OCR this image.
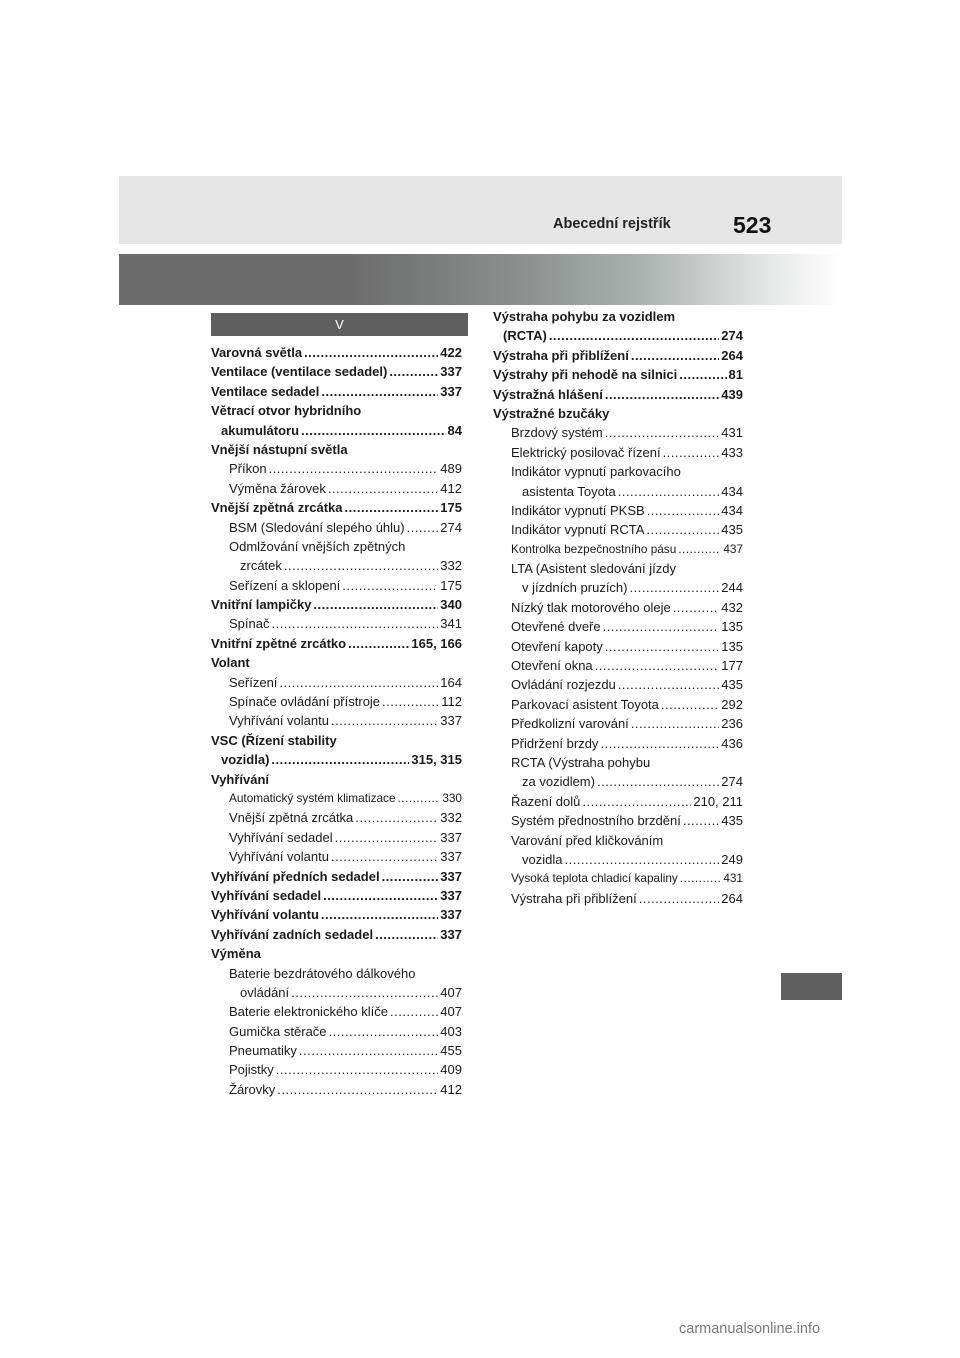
Abecední rejstřík	523
V
Varovná světla .....	422
Ventilace (ventilace sedadel) .....	337
Ventilace sedadel .....	337
Větrací otvor hybridního
akumulátoru .....	84
Vnější nástupní světla
Příkon .....	489
Výměna žárovek .....	412
Vnější zpětná zrcátka .....	175
BSM (Sledování slepého úhlu) .....	274
Odmlžování vnějších zpětných
zrcátek .....	332
Seřízení a sklopení .....	175
Vnitřní lampičky .....	340
Spínač .....	341
Vnitřní zpětné zrcátko .....	165, 166
Volant
Seřízení .....	164
Spínače ovládání přístroje .....	112
Vyhřívání volantu .....	337
VSC (Řízení stability
vozidla) .....	315, 315
Vyhřívání
Automatický systém klimatizace .....	330
Vnější zpětná zrcátka .....	332
Vyhřívání sedadel .....	337
Vyhřívání volantu .....	337
Vyhřívání předních sedadel .....	337
Vyhřívání sedadel .....	337
Vyhřívání volantu .....	337
Vyhřívání zadních sedadel .....	337
Výměna
Baterie bezdrátového dálkového
ovládání .....	407
Baterie elektronického klíče .....	407
Gumička stěrače .....	403
Pneumatiky .....	455
Pojistky .....	409
Žárovky .....	412
Výstraha pohybu za vozidlem
(RCTA) .....	274
Výstraha při přiblížení .....	264
Výstrahy při nehodě na silnici .....	81
Výstražná hlášení .....	439
Výstražné bzučáky
Brzdový systém .....	431
Elektrický posilovač řízení .....	433
Indikátor vypnutí parkovacího
asistenta Toyota .....	434
Indikátor vypnutí PKSB .....	434
Indikátor vypnutí RCTA .....	435
Kontrolka bezpečnostního pásu .....	437
LTA (Asistent sledování jízdy
v jízdních pruzích) .....	244
Nízký tlak motorového oleje .....	432
Otevřené dveře .....	135
Otevření kapoty .....	135
Otevření okna .....	177
Ovládání rozjezdu .....	435
Parkovací asistent Toyota .....	292
Předkolizní varování .....	236
Přidržení brzdy .....	436
RCTA (Výstraha pohybu
za vozidlem) .....	274
Řazení dolů .....	210, 211
Systém přednostního brzdění .....	435
Varování před kličkováním
vozidla .....	249
Vysoká teplota chladicí kapaliny .....	431
Výstraha při přiblížení .....	264
carmanualsonline.info
